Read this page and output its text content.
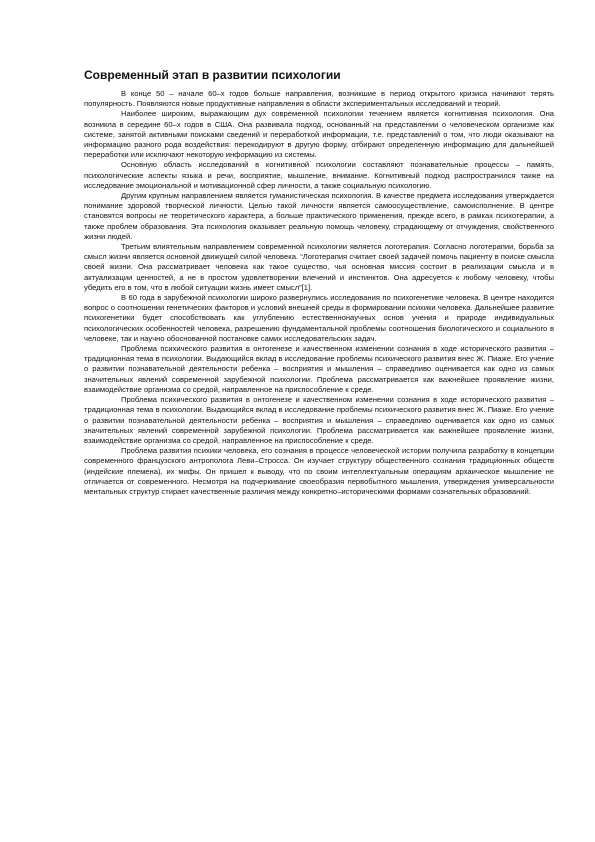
Современный этап в развитии психологии

В конце 50 – начале 60–х годов больше направления, возникшие в период открытого кризиса начинают терять популярность. Появляются новые продуктивные направления в области экспериментальных исследований и теорий.

Наиболее широким, выражающим дух современной психологии течением является когнитивная психология. Она возникла в середине 60–х годов в США. Она развивала подход, основанный на представлении о человеческом организме как системе, занятой активными поисками сведений и переработкой информации, т.е. представлений о том, что люди оказывают на информацию разного рода воздействия: перекодируют в другую форму, отбирают определенную информацию для дальнейшей переработки или исключают некоторую информацию из системы.

Основную область исследований в когнитивной психологии составляют познавательные процессы – память, психологические аспекты языка и речи, восприятие, мышление, внимание. Когнитивный подход распространился также на исследование эмоциональной и мотивационной сфер личности, а также социальную психологию.

Другим крупным направлением является гуманистическая психология. В качестве предмета исследования утверждается понимание здоровой творческой личности. Целью такой личности является самоосуществление, самоисполнение. В центре становятся вопросы не теоретического характера, а больше практического применения, прежде всего, в рамках психотерапии, а также проблем образования. Эта психология оказывает реальную помощь человеку, страдающему от отчуждения, свойственного жизни людей.

Третьим влиятельным направлением современной психологии является логотерапия. Согласно логотерапии, борьба за смысл жизни является основной движущей силой человека. “Логотерапия считает своей задачей помочь пациенту в поиске смысла своей жизни. Она рассматривает человека как такое существо, чья основная миссия состоит в реализации смысла и в актуализации ценностей, а не в простом удовлетворении влечений и инстинктов. Она адресуется к любому человеку, чтобы убедить его в том, что в любой ситуации жизнь имеет смысл”[1].

В 60 года в зарубежной психологии широко развернулись исследования по психогенетике человека. В центре находится вопрос о соотношении генетических факторов и условий внешней среды в формировании психики человека. Дальнейшее развитие психогенетики будет способствовать как углублению естественнонаучных основ учения и природе индивидуальных психологических особенностей человека, разрешению фундаментальной проблемы соотношения биологического и социального в человеке, так и научно обоснованной постановке самих исследовательских задач.

Проблема психического развития в онтогенезе и качественном изменении сознания в ходе исторического развития – традиционная тема в психологии. Выдающийся вклад в исследование проблемы психического развития внес Ж. Пиаже. Его учение о развитии познавательной деятельности ребенка – восприятия и мышления – справедливо оценивается как одно из самых значительных явлений современной зарубежной психологии. Проблема рассматривается как важнейшее проявление жизни, взаимодействие организма со средой, направленное на приспособление к среде.

Проблема психического развития в онтогенезе и качественном изменении сознания в ходе исторического развития – традиционная тема в психологии. Выдающийся вклад в исследование проблемы психического развития внес Ж. Пиаже. Его учение о развитии познавательной деятельности ребенка – восприятия и мышления – справедливо оценивается как одно из самых значительных явлений современной зарубежной психологии. Проблема рассматривается как важнейшее проявление жизни, взаимодействие организма со средой, направленное на приспособление к среде.

Проблема развития психики человека, его сознания в процессе человеческой истории получила разработку в концепции современного французского антрополога Леви–Стросса. Он изучает структуру общественного сознания традиционных обществ (индейские племена), их мифы. Он пришел к выводу, что по своим интеллектуальным операциям архаическое мышление не отличается от современного. Несмотря на подчеркивание своеобразия первобытного мышления, утверждения универсальности ментальных структур стирает качественные различия между конкретно–историческими формами сознательных образований.
